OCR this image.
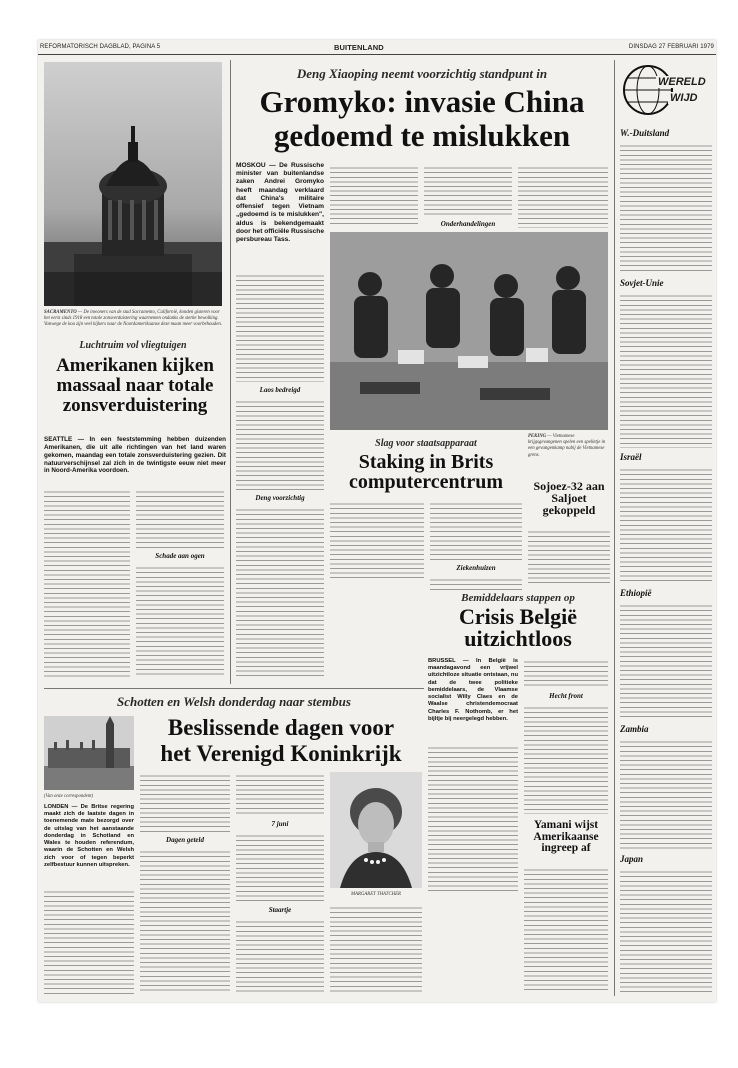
REFORMATORISCH DAGBLAD, PAGINA 5	BUITENLAND	DINSDAG 27 FEBRUARI 1979
SACRAMENTO — De inwoners van de stad Sacramento, Californië, konden gisteren voor het eerst sinds 1918 een totale zonsverduistering waarnemen ondanks de sterke bewolking. Vanwege de kou zijn veel kijkers naar de Noordamerikaanse deze maan meer voorbehouden.
Luchtruim vol vliegtuigen
Amerikanen kijken massaal naar totale zonsverduistering
SEATTLE — In een feeststemming hebben duizenden Amerikanen, die uit alle richtingen van het land waren gekomen, maandag een totale zonsverduistering gezien. Dit natuurverschijnsel zal zich in de twintigste eeuw niet meer in Noord-Amerika voordoen.
Schade aan ogen
Deng Xiaoping neemt voorzichtig standpunt in
Gromyko: invasie China
gedoemd te mislukken
MOSKOU — De Russische minister van buitenlandse zaken Andrei Gromyko heeft maandag verklaard dat China's militaire offensief tegen Vietnam „gedoemd is te mislukken", aldus is bekendgemaakt door het officiële Russische persbureau Tass.
Laos bedreigd
Deng voorzichtig
Onderhandelingen
PEKING — Vietnamese krijgsgevangenen spelen een spelletje in een gevangenkamp nabij de Vietnamese grens.
Slag voor staatsapparaat
Staking in Brits computercentrum
Ziekenhuizen
Sojoez-32 aan Saljoet gekoppeld
Bemiddelaars stappen op
Crisis België uitzichtloos
BRUSSEL — In België is maandagavond een vrijwel uitzichtloze situatie ontstaan, nu dat de twee politieke bemiddelaars, de Vlaamse socialist Willy Claes en de Waalse christendemocraat Charles F. Nothomb, er het bijltje bij neergelegd hebben.
Hecht front
Yamani wijst Amerikaanse ingreep af
Schotten en Welsh donderdag naar stembus
Beslissende dagen voor
het Verenigd Koninkrijk
(Van onze correspondent)
LONDEN — De Britse regering maakt zich de laatste dagen in toenemende mate bezorgd over de uitslag van het aanstaande donderdag in Schotland en Wales te houden referendum, waarin de Schotten en Welsh zich voor of tegen beperkt zelfbestuur kunnen uitspreken.
Dagen geteld
7 juni
Staartje
MARGARET THATCHER
WERELD
WIJD
W.-Duitsland
Sovjet-Unie
Israël
Ethiopië
Zambia
Japan
